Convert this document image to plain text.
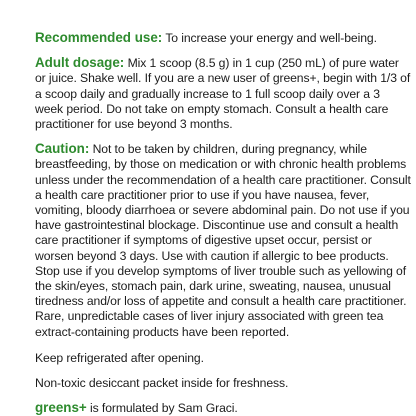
Recommended use: To increase your energy and well-being.

Adult dosage: Mix 1 scoop (8.5 g) in 1 cup (250 mL) of pure water or juice. Shake well. If you are a new user of greens+, begin with 1/3 of a scoop daily and gradually increase to 1 full scoop daily over a 3 week period. Do not take on empty stomach. Consult a health care practitioner for use beyond 3 months.

Caution: Not to be taken by children, during pregnancy, while breastfeeding, by those on medication or with chronic health problems unless under the recommendation of a health care practitioner. Consult a health care practitioner prior to use if you have nausea, fever, vomiting, bloody diarrhoea or severe abdominal pain. Do not use if you have gastrointestinal blockage. Discontinue use and consult a health care practitioner if symptoms of digestive upset occur, persist or worsen beyond 3 days. Use with caution if allergic to bee products. Stop use if you develop symptoms of liver trouble such as yellowing of the skin/eyes, stomach pain, dark urine, sweating, nausea, unusual tiredness and/or loss of appetite and consult a health care practitioner. Rare, unpredictable cases of liver injury associated with green tea extract-containing products have been reported.

Keep refrigerated after opening.

Non-toxic desiccant packet inside for freshness.

greens+ is formulated by Sam Graci.
